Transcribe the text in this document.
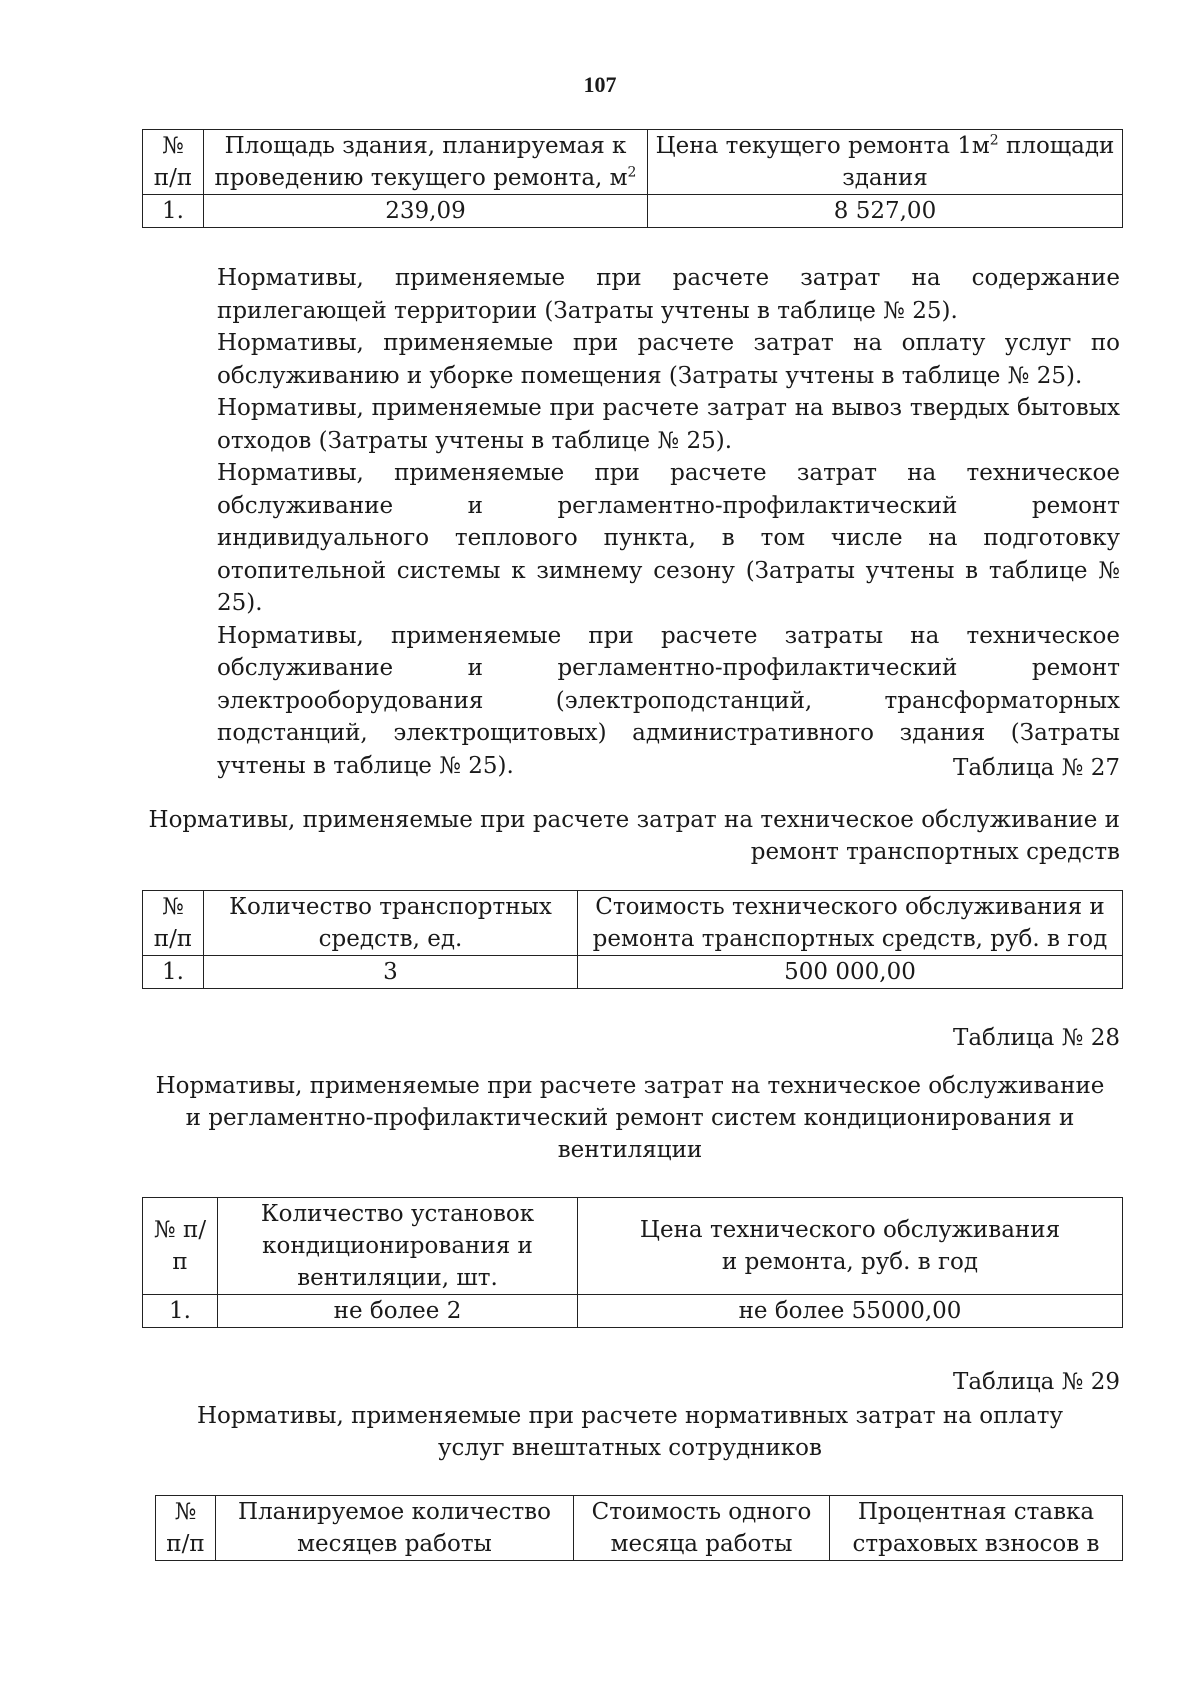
107
№ п/п	Площадь здания, планируемая к проведению текущего ремонта, $м^2$	Цена текущего ремонта $1м^2$ площади здания
1.	239,09	8 527,00

Нормативы, применяемые при расчете затрат на содержание прилегающей территории (Затраты учтены в таблице № 25).

Нормативы, применяемые при расчете затрат на оплату услуг по обслуживанию и уборке помещения (Затраты учтены в таблице № 25).

Нормативы, применяемые при расчете затрат на вывоз твердых бытовых отходов (Затраты учтены в таблице № 25).

Нормативы, применяемые при расчете затрат на техническое обслуживание и регламентно-профилактический ремонт индивидуального теплового пункта, в том числе на подготовку отопительной системы к зимнему сезону (Затраты учтены в таблице № 25).

Нормативы, применяемые при расчете затраты на техническое обслуживание и регламентно-профилактический ремонт электрооборудования (электроподстанций, трансформаторных подстанций, электрощитовых) административного здания (Затраты учтены в таблице № 25).	Таблица № 27
Нормативы, применяемые при расчете затрат на техническое обслуживание и
ремонт транспортных средств
№ п/п	Количество транспортных средств, ед.	Стоимость технического обслуживания и ремонта транспортных средств, руб. в год
1.	3	500 000,00
Таблица № 28
Нормативы, применяемые при расчете затрат на техническое обслуживание и регламентно-профилактический ремонт систем кондиционирования и вентиляции
№ п/п	Количество установок кондиционирования и вентиляции, шт.	Цена технического обслуживания и ремонта, руб. в год
1.	не более 2	не более 55000,00
Таблица № 29
Нормативы, применяемые при расчете нормативных затрат на оплату услуг внештатных сотрудников
№ п/п	Планируемое количество месяцев работы	Стоимость одного месяца работы	Процентная ставка страховых взносов в
